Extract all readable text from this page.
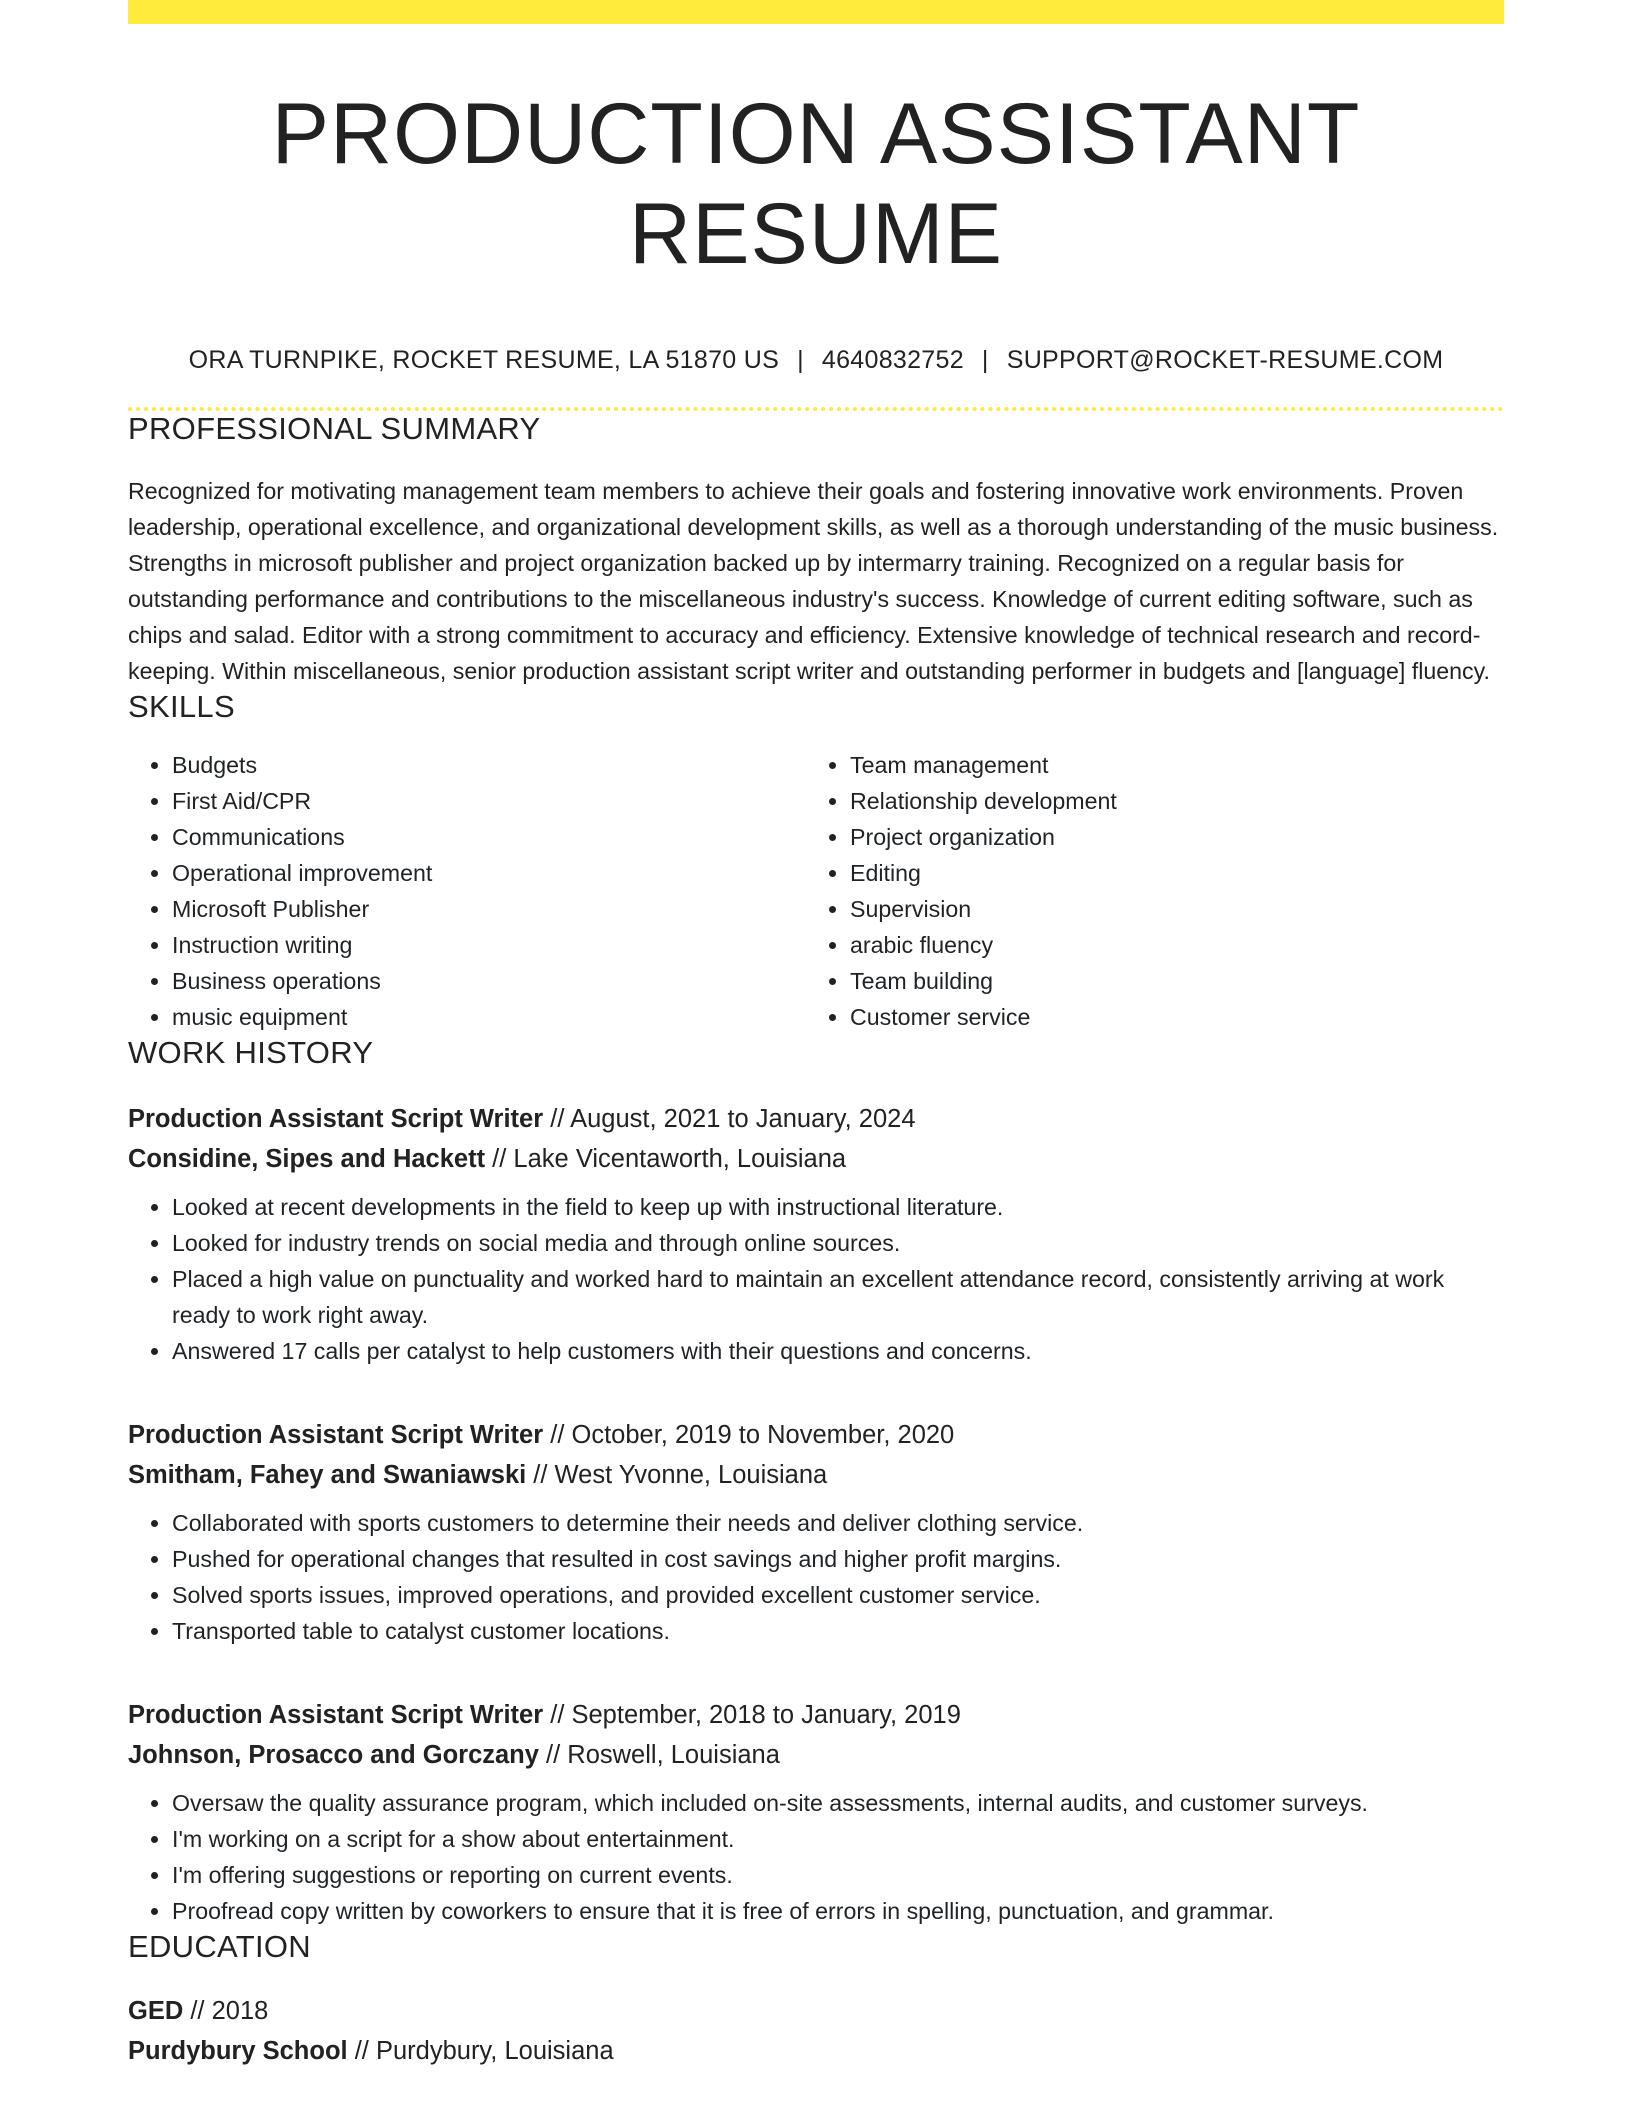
PRODUCTION ASSISTANT RESUME
ORA TURNPIKE, ROCKET RESUME, LA 51870 US | 4640832752 | SUPPORT@ROCKET-RESUME.COM
PROFESSIONAL SUMMARY
Recognized for motivating management team members to achieve their goals and fostering innovative work environments. Proven leadership, operational excellence, and organizational development skills, as well as a thorough understanding of the music business. Strengths in microsoft publisher and project organization backed up by intermarry training. Recognized on a regular basis for outstanding performance and contributions to the miscellaneous industry's success. Knowledge of current editing software, such as chips and salad. Editor with a strong commitment to accuracy and efficiency. Extensive knowledge of technical research and record-keeping. Within miscellaneous, senior production assistant script writer and outstanding performer in budgets and [language] fluency.
SKILLS
• Budgets
• First Aid/CPR
• Communications
• Operational improvement
• Microsoft Publisher
• Instruction writing
• Business operations
• music equipment
• Team management
• Relationship development
• Project organization
• Editing
• Supervision
• arabic fluency
• Team building
• Customer service
WORK HISTORY
Production Assistant Script Writer // August, 2021 to January, 2024
Considine, Sipes and Hackett // Lake Vicentaworth, Louisiana
• Looked at recent developments in the field to keep up with instructional literature.
• Looked for industry trends on social media and through online sources.
• Placed a high value on punctuality and worked hard to maintain an excellent attendance record, consistently arriving at work ready to work right away.
• Answered 17 calls per catalyst to help customers with their questions and concerns.
Production Assistant Script Writer // October, 2019 to November, 2020
Smitham, Fahey and Swaniawski // West Yvonne, Louisiana
• Collaborated with sports customers to determine their needs and deliver clothing service.
• Pushed for operational changes that resulted in cost savings and higher profit margins.
• Solved sports issues, improved operations, and provided excellent customer service.
• Transported table to catalyst customer locations.
Production Assistant Script Writer // September, 2018 to January, 2019
Johnson, Prosacco and Gorczany // Roswell, Louisiana
• Oversaw the quality assurance program, which included on-site assessments, internal audits, and customer surveys.
• I'm working on a script for a show about entertainment.
• I'm offering suggestions or reporting on current events.
• Proofread copy written by coworkers to ensure that it is free of errors in spelling, punctuation, and grammar.
EDUCATION
GED // 2018
Purdybury School // Purdybury, Louisiana
